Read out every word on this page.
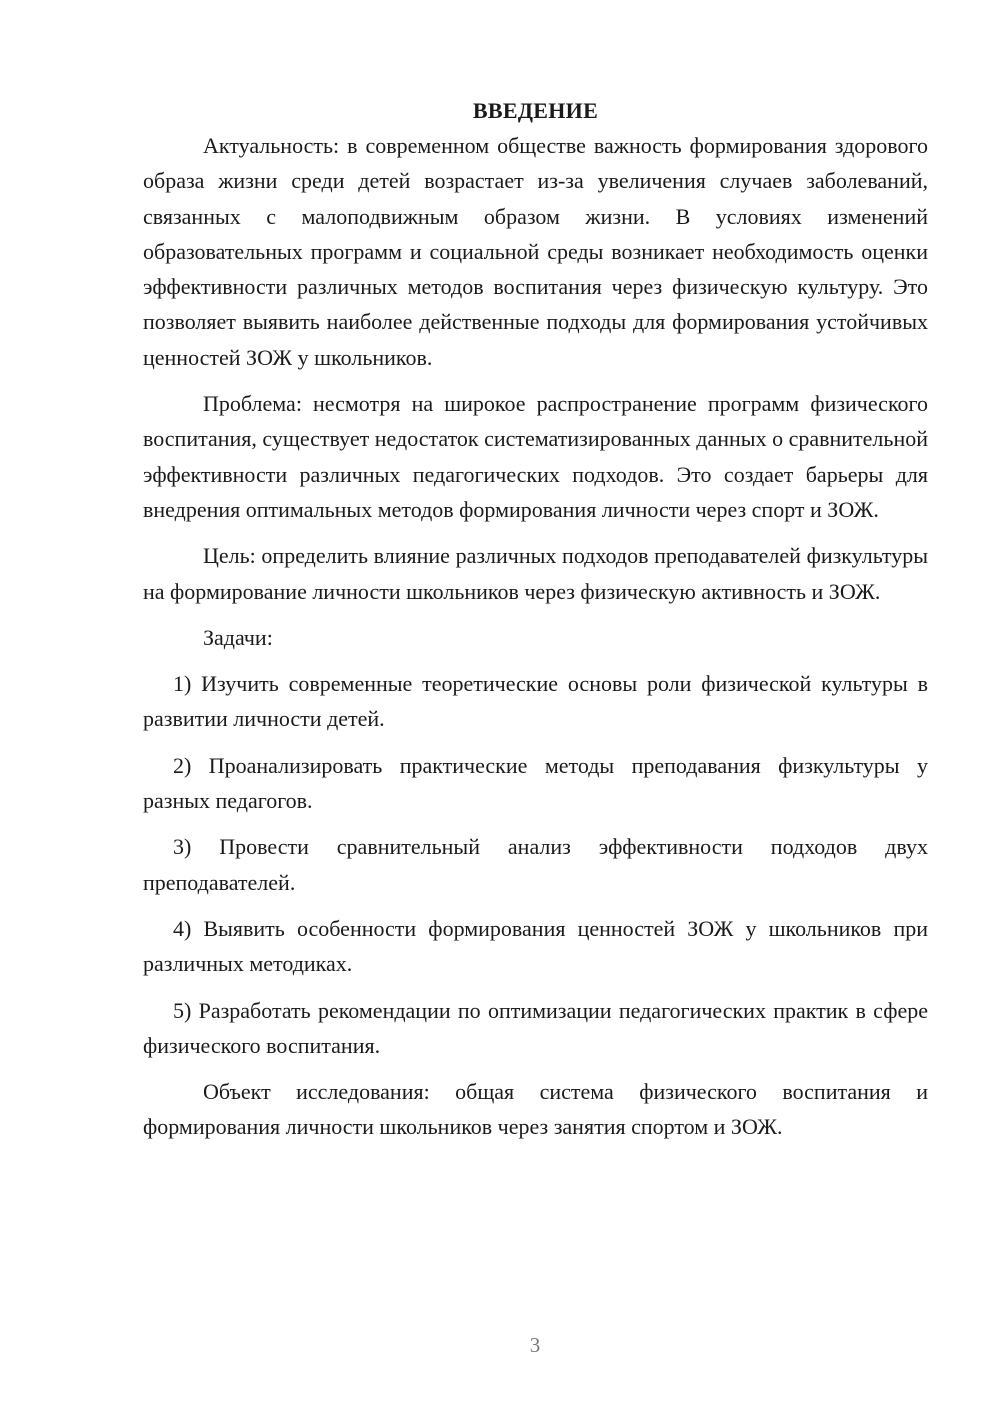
ВВЕДЕНИЕ

Актуальность: в современном обществе важность формирования здорового образа жизни среди детей возрастает из-за увеличения случаев заболеваний, связанных с малоподвижным образом жизни. В условиях изменений образовательных программ и социальной среды возникает необходимость оценки эффективности различных методов воспитания через физическую культуру. Это позволяет выявить наиболее действенные подходы для формирования устойчивых ценностей ЗОЖ у школьников.

Проблема: несмотря на широкое распространение программ физического воспитания, существует недостаток систематизированных данных о сравнительной эффективности различных педагогических подходов. Это создает барьеры для внедрения оптимальных методов формирования личности через спорт и ЗОЖ.

Цель: определить влияние различных подходов преподавателей физкультуры на формирование личности школьников через физическую активность и ЗОЖ.

Задачи:

1) Изучить современные теоретические основы роли физической культуры в развитии личности детей.

2) Проанализировать практические методы преподавания физкультуры у разных педагогов.

3) Провести сравнительный анализ эффективности подходов двух преподавателей.

4) Выявить особенности формирования ценностей ЗОЖ у школьников при различных методиках.

5) Разработать рекомендации по оптимизации педагогических практик в сфере физического воспитания.

Объект исследования: общая система физического воспитания и формирования личности школьников через занятия спортом и ЗОЖ.

3
